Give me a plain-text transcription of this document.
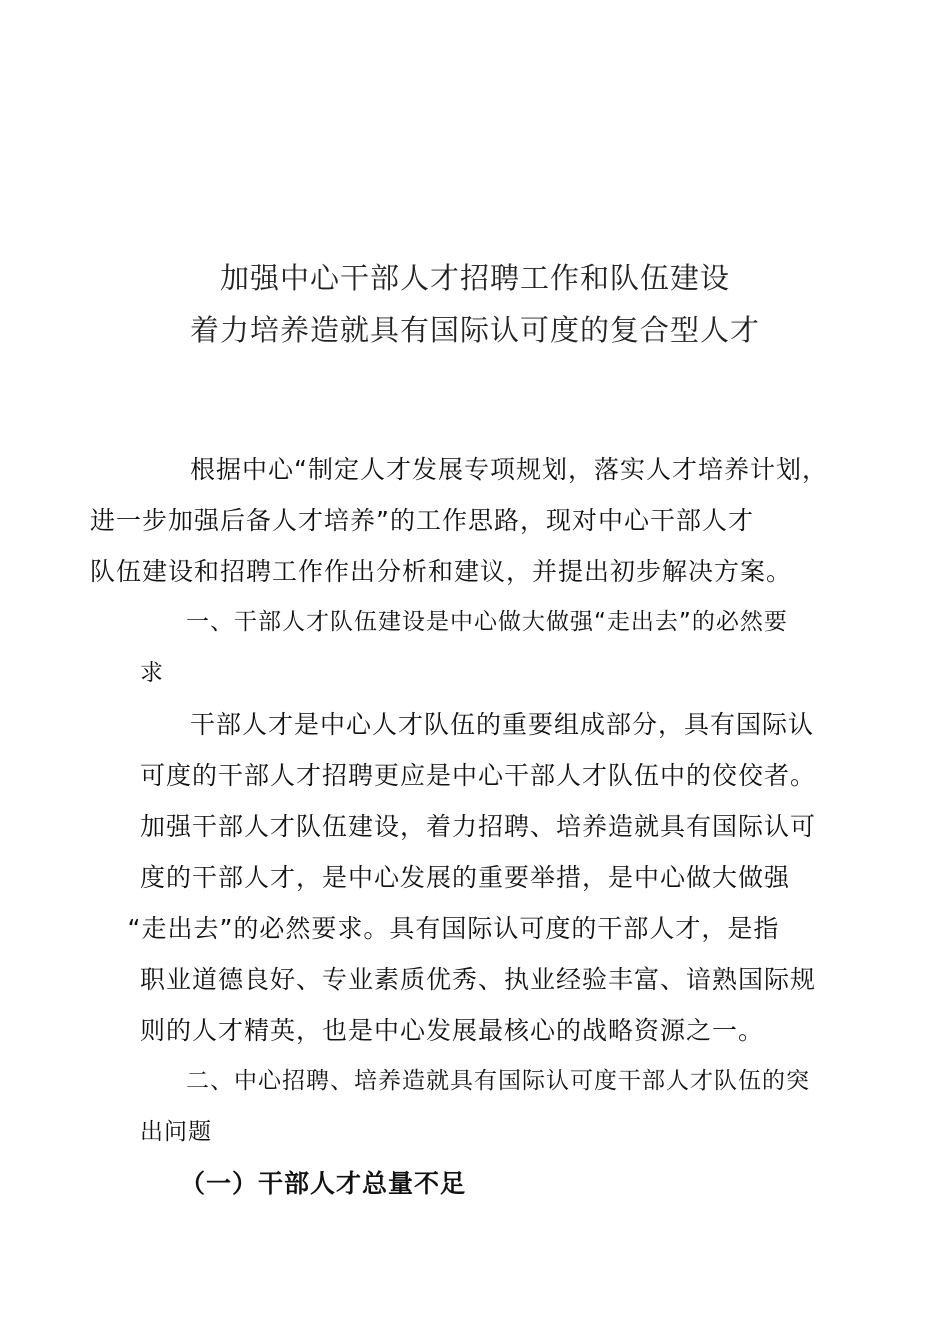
加强中心干部人才招聘工作和队伍建设
着力培养造就具有国际认可度的复合型人才

根据中心“制定人才发展专项规划，落实人才培养计划，
进一步加强后备人才培养”的工作思路，现对中心干部人才
队伍建设和招聘工作作出分析和建议，并提出初步解决方案。

一、干部人才队伍建设是中心做大做强“走出去”的必然要
求

干部人才是中心人才队伍的重要组成部分，具有国际认
可度的干部人才招聘更应是中心干部人才队伍中的佼佼者。
加强干部人才队伍建设，着力招聘、培养造就具有国际认可
度的干部人才，是中心发展的重要举措，是中心做大做强
“走出去”的必然要求。具有国际认可度的干部人才，是指
职业道德良好、专业素质优秀、执业经验丰富、谙熟国际规
则的人才精英，也是中心发展最核心的战略资源之一。

二、中心招聘、培养造就具有国际认可度干部人才队伍的突
出问题

（一）干部人才总量不足
